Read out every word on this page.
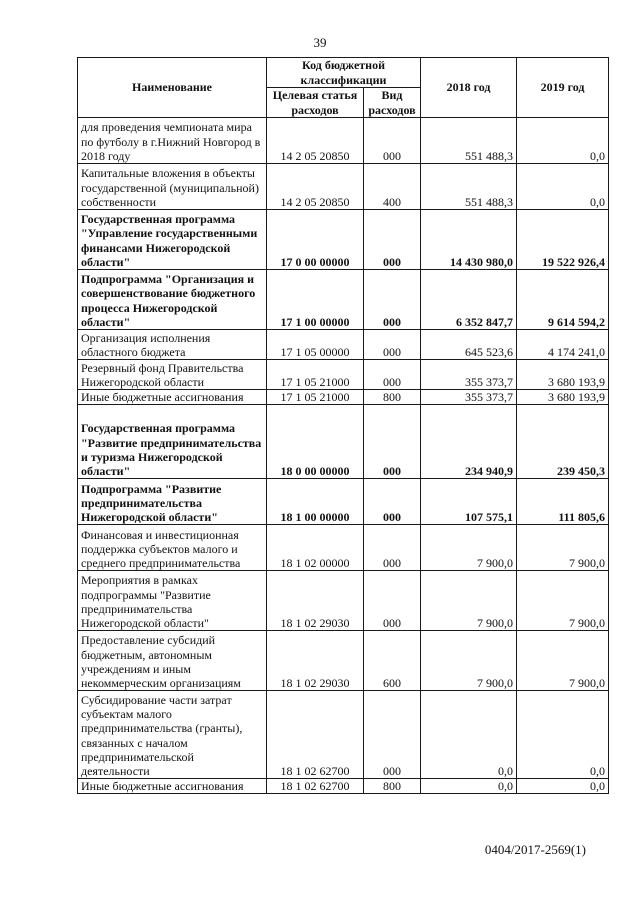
39
Наименование	Код бюджетной классификации		2018 год	2019 год
	Целевая статья расходов	Вид расходов		
для проведения чемпионата мира по футболу в г.Нижний Новгород в 2018 году	14 2 05 20850	000	551 488,3	0,0
Капитальные вложения в объекты государственной (муниципальной) собственности	14 2 05 20850	400	551 488,3	0,0
Государственная программа "Управление государственными финансами Нижегородской области"	17 0 00 00000	000	14 430 980,0	19 522 926,4
Подпрограмма "Организация и совершенствование бюджетного процесса Нижегородской области"	17 1 00 00000	000	6 352 847,7	9 614 594,2
Организация исполнения областного бюджета	17 1 05 00000	000	645 523,6	4 174 241,0
Резервный фонд Правительства Нижегородской области	17 1 05 21000	000	355 373,7	3 680 193,9
Иные бюджетные ассигнования	17 1 05 21000	800	355 373,7	3 680 193,9
Государственная программа "Развитие предпринимательства и туризма Нижегородской области"	18 0 00 00000	000	234 940,9	239 450,3
Подпрограмма "Развитие предпринимательства Нижегородской области"	18 1 00 00000	000	107 575,1	111 805,6
Финансовая и инвестиционная поддержка субъектов малого и среднего предпринимательства	18 1 02 00000	000	7 900,0	7 900,0
Мероприятия в рамках подпрограммы "Развитие предпринимательства Нижегородской области"	18 1 02 29030	000	7 900,0	7 900,0
Предоставление субсидий бюджетным, автономным учреждениям и иным некоммерческим организациям	18 1 02 29030	600	7 900,0	7 900,0
Субсидирование части затрат субъектам малого предпринимательства (гранты), связанных с началом предпринимательской деятельности	18 1 02 62700	000	0,0	0,0
Иные бюджетные ассигнования	18 1 02 62700	800	0,0	0,0
0404/2017-2569(1)
